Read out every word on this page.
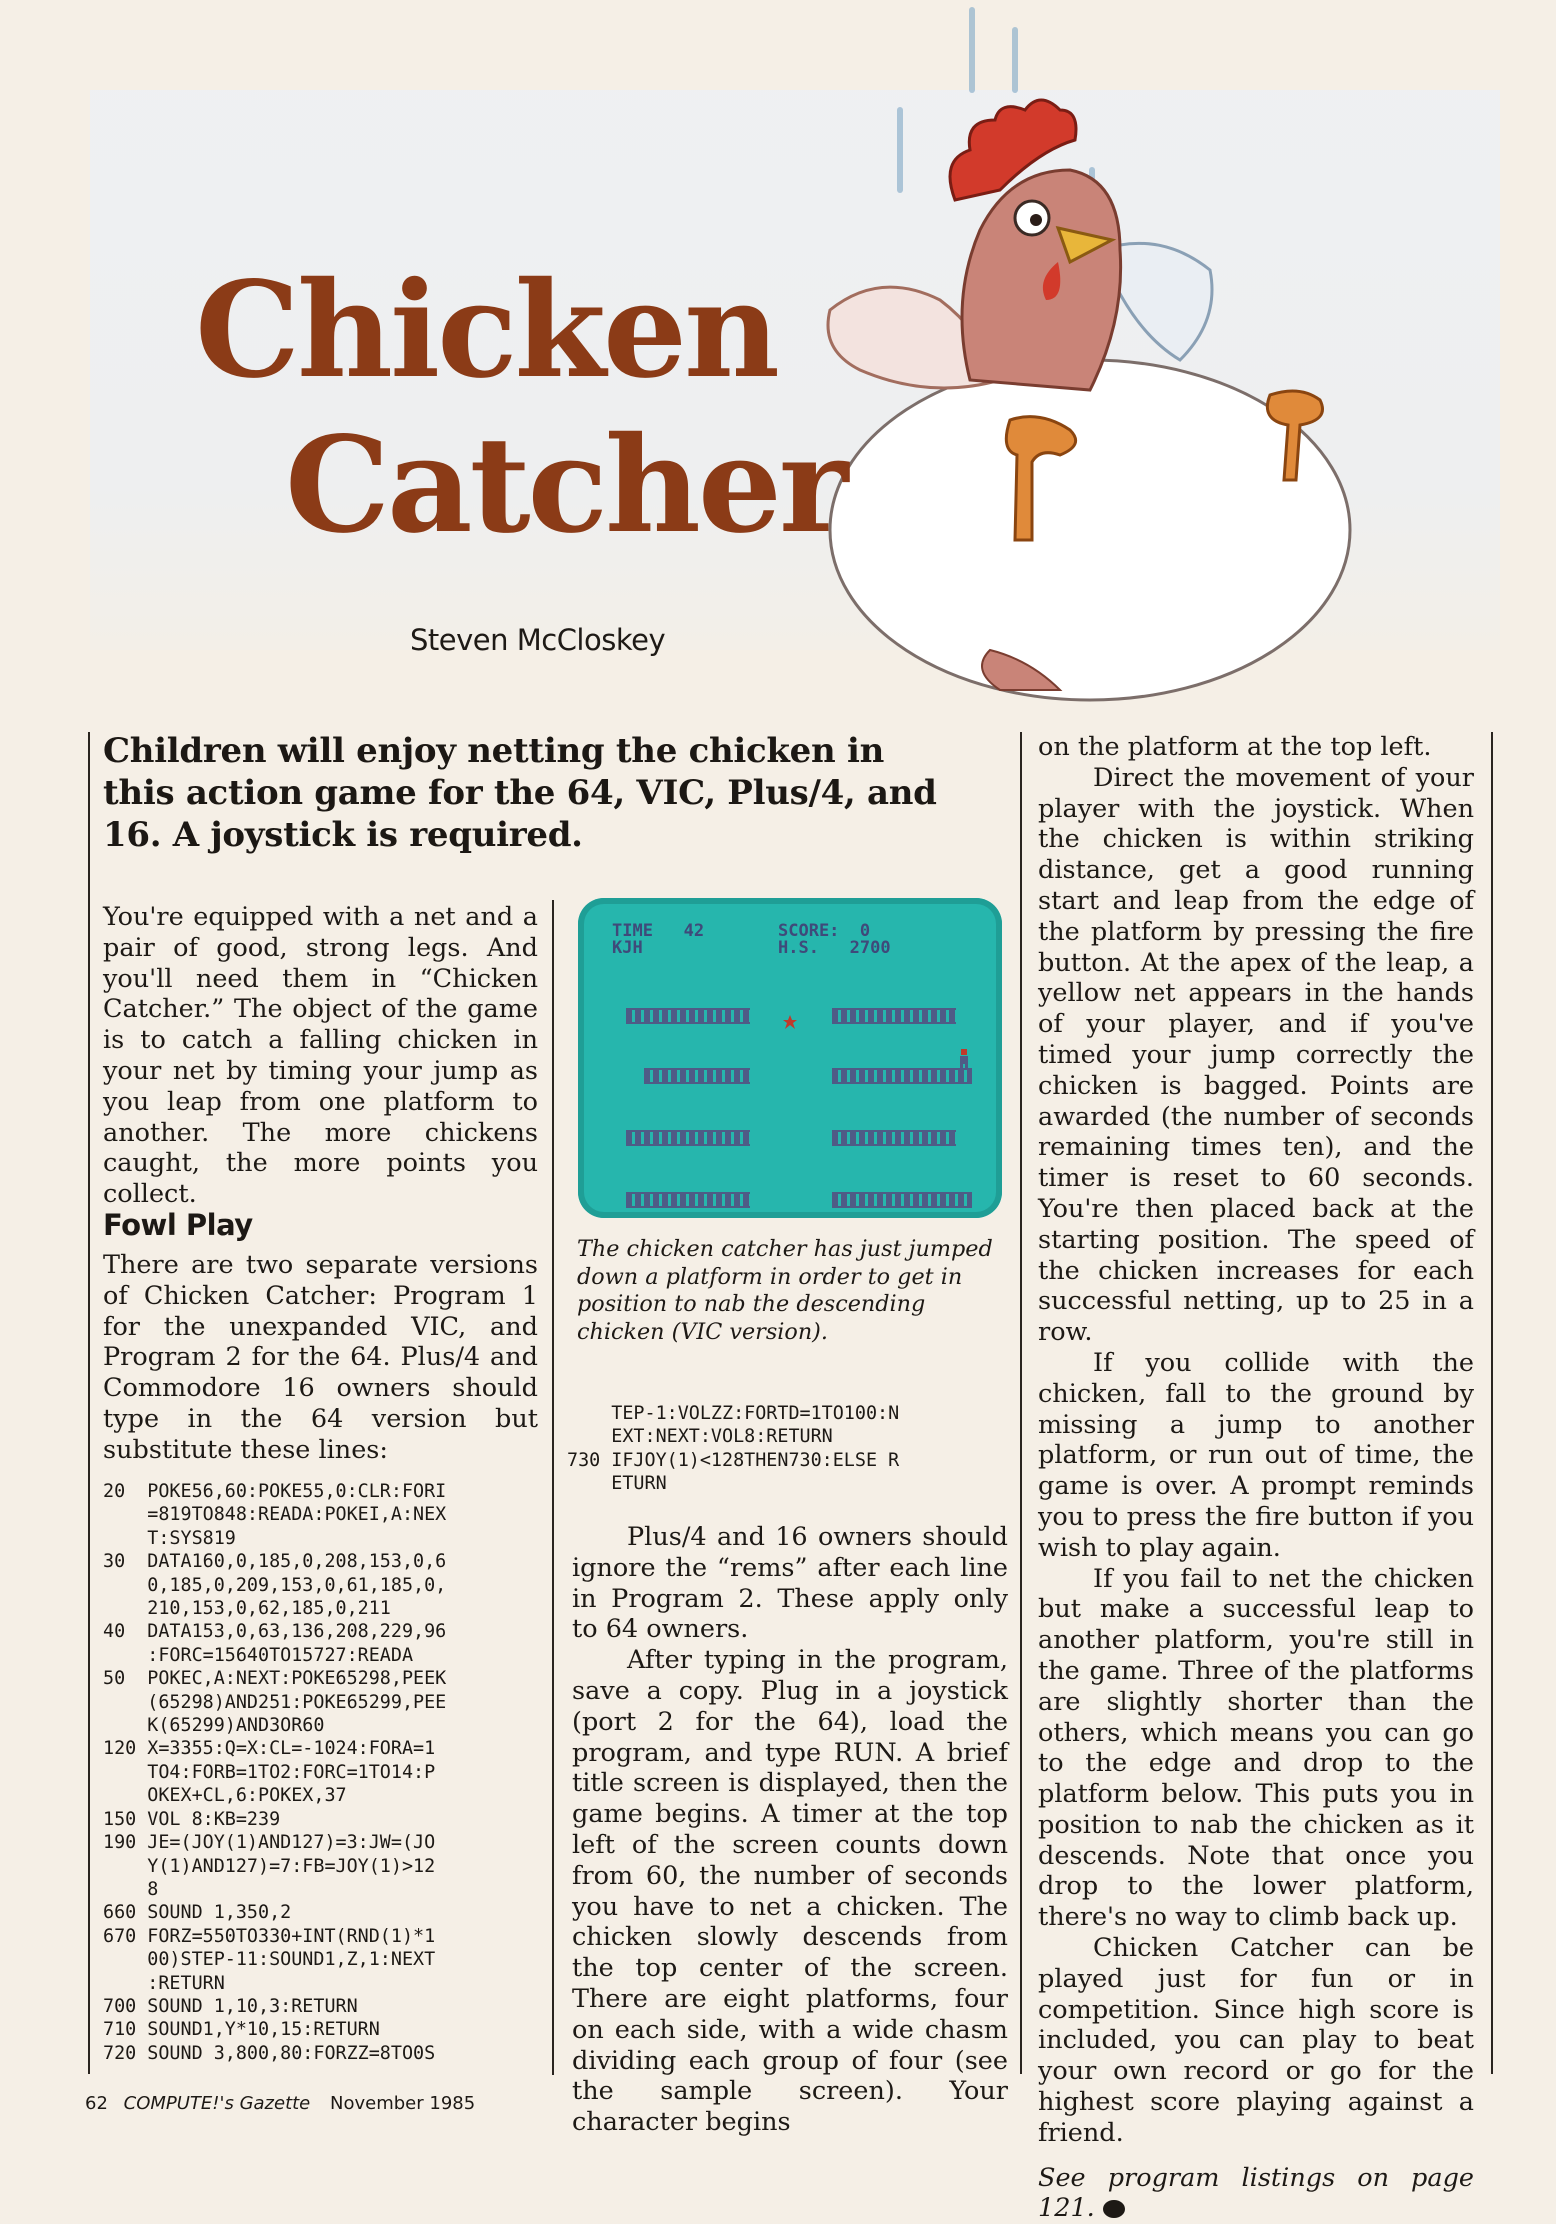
Chicken
Catcher
Steven McCloskey
Children will enjoy netting the chicken in this action game for the 64, VIC, Plus/4, and 16. A joystick is required.

You're equipped with a net and a pair of good, strong legs. And you'll need them in “Chicken Catcher.” The object of the game is to catch a falling chicken in your net by timing your jump as you leap from one platform to another. The more chickens caught, the more points you collect.

Fowl Play

There are two separate versions of Chicken Catcher: Program 1 for the unexpanded VIC, and Program 2 for the 64. Plus/4 and Commodore 16 owners should type in the 64 version but substitute these lines:

20  POKE56,60:POKE55,0:CLR:FORI
=819TO848:READA:POKEI,A:NEX
T:SYS819
30  DATA160,0,185,0,208,153,0,6
0,185,0,209,153,0,61,185,0,
210,153,0,62,185,0,211
40  DATA153,0,63,136,208,229,96
:FORC=15640TO15727:READA
50  POKEC,A:NEXT:POKE65298,PEEK
(65298)AND251:POKE65299,PEE
K(65299)AND3OR60
120 X=3355:Q=X:CL=-1024:FORA=1
TO4:FORB=1TO2:FORC=1TO14:P
OKEX+CL,6:POKEX,37
150 VOL 8:KB=239
190 JE=(JOY(1)AND127)=3:JW=(JO
Y(1)AND127)=7:FB=JOY(1)>12
8
660 SOUND 1,350,2
670 FORZ=550TO330+INT(RND(1)*1
00)STEP-11:SOUND1,Z,1:NEXT
:RETURN
700 SOUND 1,10,3:RETURN
710 SOUND1,Y*10,15:RETURN
720 SOUND 3,800,80:FORZZ=8TO0S
TIME   42
KJH
SCORE:  0
H.S.   2700
The chicken catcher has just jumped down a platform in order to get in position to nab the descending chicken (VIC version).
TEP-1:VOLZZ:FORTD=1TO100:N
EXT:NEXT:VOL8:RETURN
730 IFJOY(1)<128THEN730:ELSE R
ETURN

Plus/4 and 16 owners should ignore the “rems” after each line in Program 2. These apply only to 64 owners.

After typing in the program, save a copy. Plug in a joystick (port 2 for the 64), load the program, and type RUN. A brief title screen is displayed, then the game begins. A timer at the top left of the screen counts down from 60, the number of seconds you have to net a chicken. The chicken slowly descends from the top center of the screen. There are eight platforms, four on each side, with a wide chasm dividing each group of four (see the sample screen). Your character begins

on the platform at the top left.

Direct the movement of your player with the joystick. When the chicken is within striking distance, get a good running start and leap from the edge of the platform by pressing the fire button. At the apex of the leap, a yellow net appears in the hands of your player, and if you've timed your jump correctly the chicken is bagged. Points are awarded (the number of seconds remaining times ten), and the timer is reset to 60 seconds. You're then placed back at the starting position. The speed of the chicken increases for each successful netting, up to 25 in a row.

If you collide with the chicken, fall to the ground by missing a jump to another platform, or run out of time, the game is over. A prompt reminds you to press the fire button if you wish to play again.

If you fail to net the chicken but make a successful leap to another platform, you're still in the game. Three of the platforms are slightly shorter than the others, which means you can go to the edge and drop to the platform below. This puts you in position to nab the chicken as it descends. Note that once you drop to the lower platform, there's no way to climb back up.

Chicken Catcher can be played just for fun or in competition. Since high score is included, you can play to beat your own record or go for the highest score playing against a friend.

See program listings on page 121.

62 COMPUTE!'s Gazette November 1985
